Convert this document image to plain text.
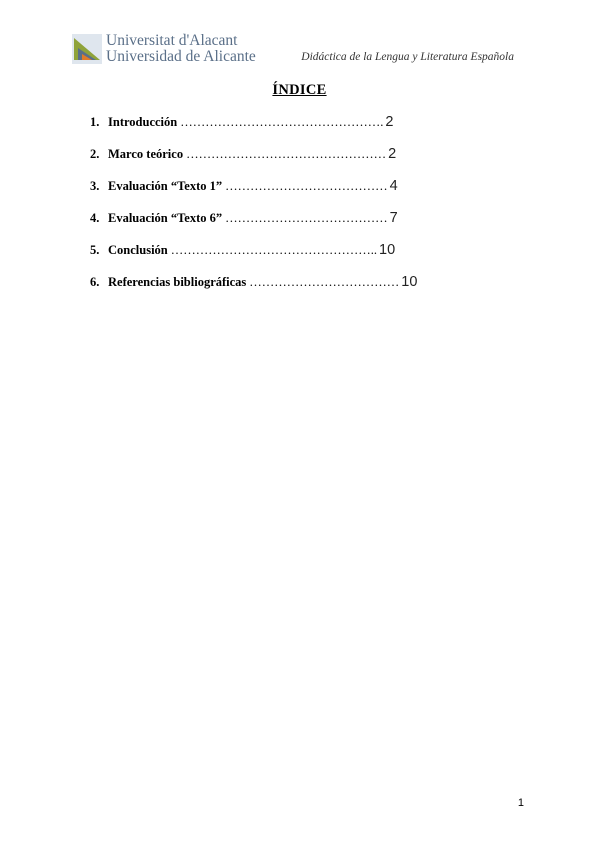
Universitat d'Alacant
Universidad de Alicante	Didáctica de la Lengua y Literatura Española
ÍNDICE
1. Introducción …………………………………………. 2
2. Marco teórico ………………………………………… 2
3. Evaluación “Texto 1” ………………………………… 4
4. Evaluación “Texto 6” ………………………………… 7
5. Conclusión ………………………………………….. 10
6. Referencias bibliográficas ……………………………… 10
1
